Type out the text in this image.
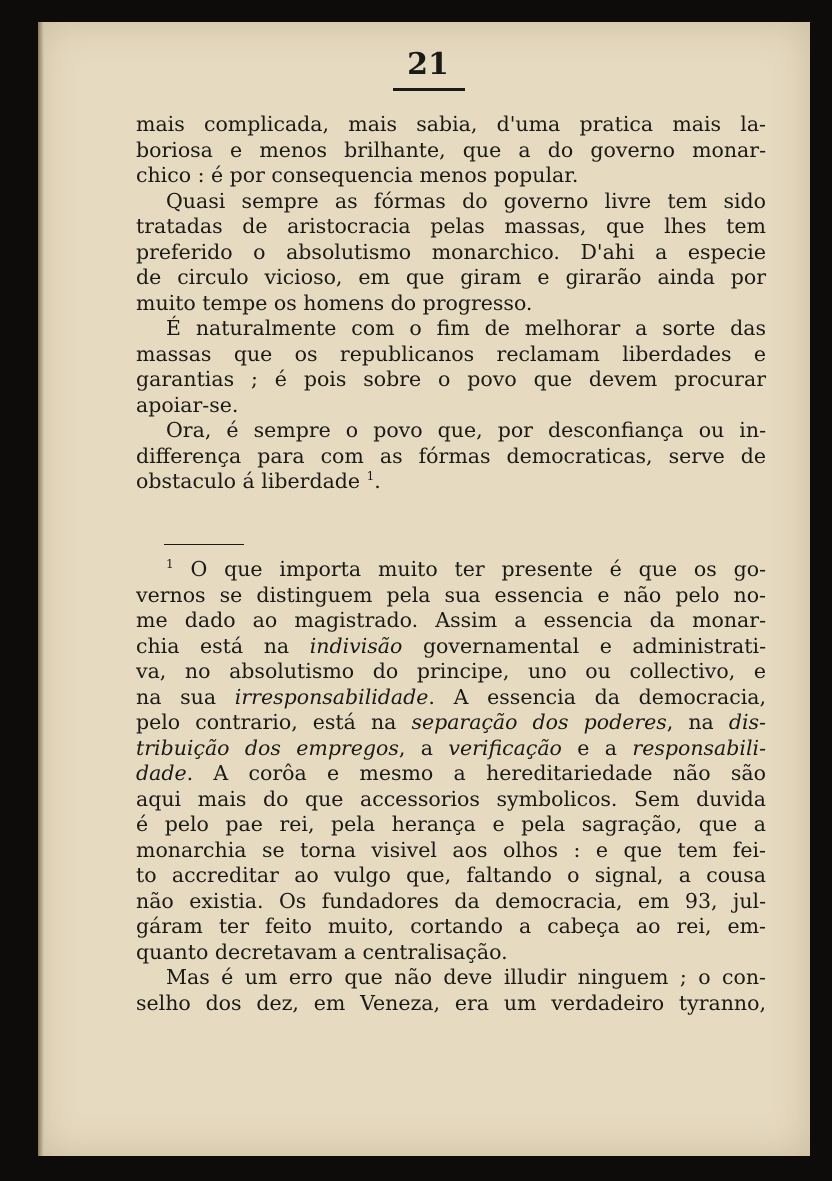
21

mais complicada, mais sabia, d'uma pratica mais la-
boriosa e menos brilhante, que a do governo monar-
chico : é por consequencia menos popular.

Quasi sempre as fórmas do governo livre tem sido
tratadas de aristocracia pelas massas, que lhes tem
preferido o absolutismo monarchico. D'ahi a especie
de circulo vicioso, em que giram e girarão ainda por
muito tempe os homens do progresso.

É naturalmente com o fim de melhorar a sorte das
massas que os republicanos reclamam liberdades e
garantias ; é pois sobre o povo que devem procurar
apoiar-se.

Ora, é sempre o povo que, por desconfiança ou in-
differença para com as fórmas democraticas, serve de
obstaculo á liberdade $^1$.

$^1$ O que importa muito ter presente é que os go-
vernos se distinguem pela sua essencia e não pelo no-
me dado ao magistrado. Assim a essencia da monar-
chia está na indivisão governamental e administrati-
va, no absolutismo do principe, uno ou collectivo, e
na sua irresponsabilidade. A essencia da democracia,
pelo contrario, está na separação dos poderes, na dis-
tribuição dos empregos, a verificação e a responsabili-
dade. A corôa e mesmo a hereditariedade não são
aqui mais do que accessorios symbolicos. Sem duvida
é pelo pae rei, pela herança e pela sagração, que a
monarchia se torna visivel aos olhos : e que tem fei-
to accreditar ao vulgo que, faltando o signal, a cousa
não existia. Os fundadores da democracia, em 93, jul-
gáram ter feito muito, cortando a cabeça ao rei, em-
quanto decretavam a centralisação.

Mas é um erro que não deve illudir ninguem ; o con-
selho dos dez, em Veneza, era um verdadeiro tyranno,
